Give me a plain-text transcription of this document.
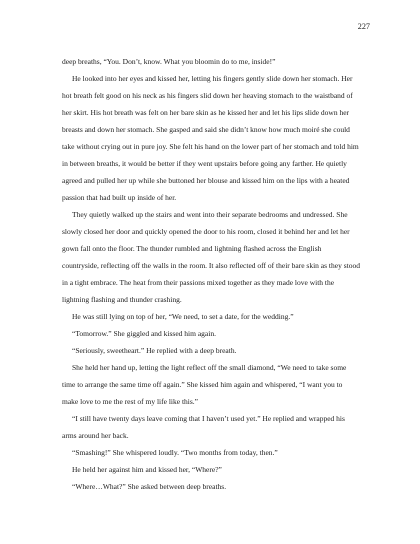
227

deep breaths, “You. Don’t, know. What you bloomin do to me, inside!”

He looked into her eyes and kissed her, letting his fingers gently slide down her stomach. Her hot breath felt good on his neck as his fingers slid down her heaving stomach to the waistband of her skirt. His hot breath was felt on her bare skin as he kissed her and let his lips slide down her breasts and down her stomach. She gasped and said she didn’t know how much moiré she could take without crying out in pure joy. She felt his hand on the lower part of her stomach and told him in between breaths, it would be better if they went upstairs before going any farther. He quietly agreed and pulled her up while she buttoned her blouse and kissed him on the lips with a heated passion that had built up inside of her.

They quietly walked up the stairs and went into their separate bedrooms and undressed. She slowly closed her door and quickly opened the door to his room, closed it behind her and let her gown fall onto the floor. The thunder rumbled and lightning flashed across the English countryside, reflecting off the walls in the room. It also reflected off of their bare skin as they stood in a tight embrace. The heat from their passions mixed together as they made love with the lightning flashing and thunder crashing.

He was still lying on top of her, “We need, to set a date, for the wedding.”

“Tomorrow.” She giggled and kissed him again.

“Seriously, sweetheart.” He replied with a deep breath.

She held her hand up, letting the light reflect off the small diamond, “We need to take some time to arrange the same time off again.” She kissed him again and whispered, “I want you to make love to me the rest of my life like this.”

“I still have twenty days leave coming that I haven’t used yet.” He replied and wrapped his arms around her back.

“Smashing!” She whispered loudly. “Two months from today, then.”

He held her against him and kissed her, “Where?”

“Where…What?” She asked between deep breaths.
